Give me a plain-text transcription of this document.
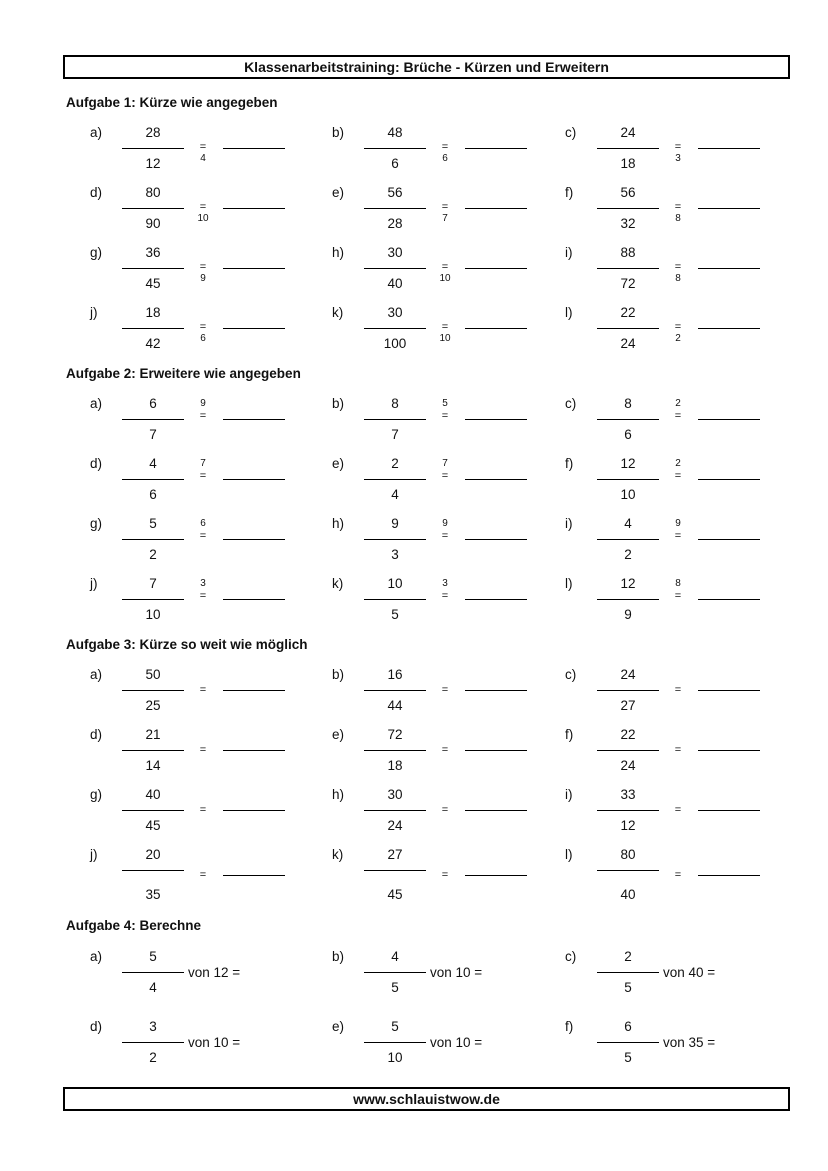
Klassenarbeitstraining: Brüche - Kürzen und Erweitern
Aufgabe 1: Kürze wie angegeben
a)	28
12
=
4
b)	48
6
=
6
c)	24
18
=
3
d)	80
90
=
10
e)	56
28
=
7
f)	56
32
=
8
g)	36
45
=
9
h)	30
40
=
10
i)	88
72
=
8
j)	18
42
=
6
k)	30
100
=
10
l)	22
24
=
2
Aufgabe 2: Erweitere wie angegeben
a)	6
7
9
=
b)	8
7
5
=
c)	8
6
2
=
d)	4
6
7
=
e)	2
4
7
=
f)	12
10
2
=
g)	5
2
6
=
h)	9
3
9
=
i)	4
2
9
=
j)	7
10
3
=
k)	10
5
3
=
l)	12
9
8
=
Aufgabe 3: Kürze so weit wie möglich
a)	50
25
=
b)	16
44
=
c)	24
27
=
d)	21
14
=
e)	72
18
=
f)	22
24
=
g)	40
45
=
h)	30
24
=
i)	33
12
=
j)	20
35
=
k)	27
45
=
l)	80
40
=
Aufgabe 4: Berechne
a)	5
4
von 12 =
b)	4
5
von 10 =
c)	2
5
von 40 =
d)	3
2
von 10 =
e)	5
10
von 10 =
f)	6
5
von 35 =
www.schlauistwow.de
